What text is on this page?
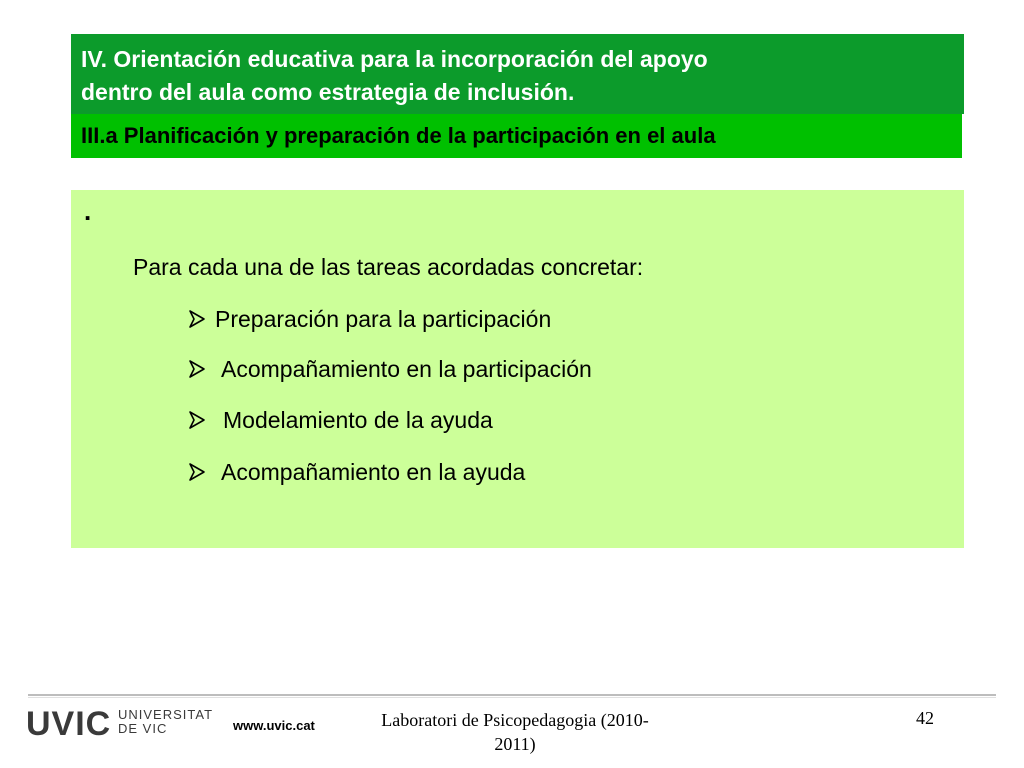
IV. Orientación educativa para la incorporación del apoyo
dentro del aula como estrategia de inclusión.
III.a Planificación y preparación de la participación en el aula
.
Para cada una de las tareas acordadas concretar:
Preparación para la participación
Acompañamiento en la participación
Modelamiento de la ayuda
Acompañamiento en la ayuda
UVIC UNIVERSITAT
DE VIC	www.uvic.cat	Laboratori de Psicopedagogia (2010-
2011)
42
